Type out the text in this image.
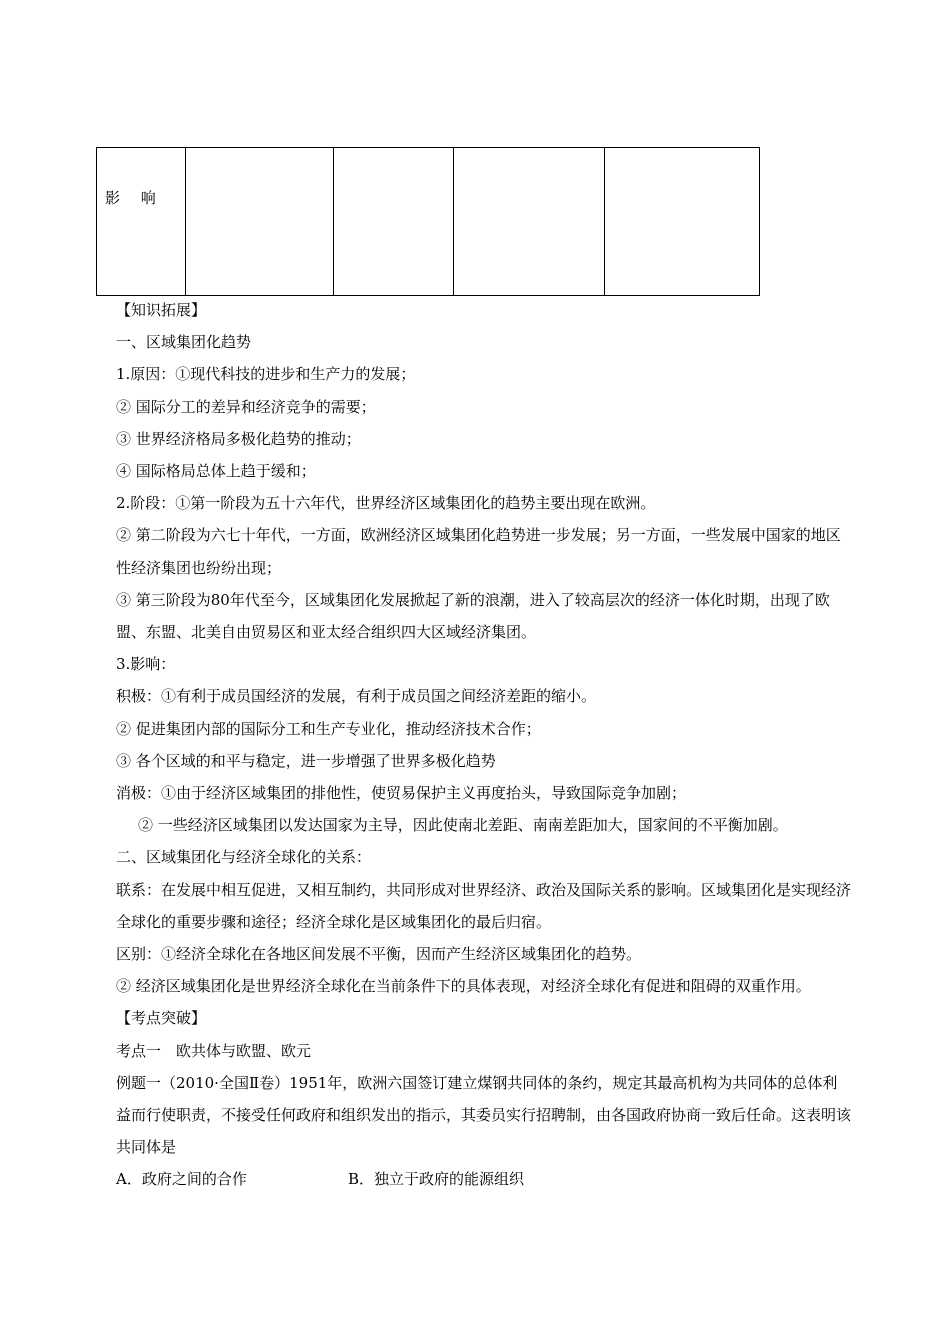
影 响

【知识拓展】

一、区域集团化趋势

1.原因：①现代科技的进步和生产力的发展；

② 国际分工的差异和经济竞争的需要；

③ 世界经济格局多极化趋势的推动；

④ 国际格局总体上趋于缓和；

2.阶段：①第一阶段为五十六年代，世界经济区域集团化的趋势主要出现在欧洲。

② 第二阶段为六七十年代，一方面，欧洲经济区域集团化趋势进一步发展；另一方面，一些发展中国家的地区性经济集团也纷纷出现；

③ 第三阶段为80年代至今，区域集团化发展掀起了新的浪潮，进入了较高层次的经济一体化时期，出现了欧盟、东盟、北美自由贸易区和亚太经合组织四大区域经济集团。

3.影响：

积极：①有利于成员国经济的发展，有利于成员国之间经济差距的缩小。

② 促进集团内部的国际分工和生产专业化，推动经济技术合作；

③ 各个区域的和平与稳定，进一步增强了世界多极化趋势

消极：①由于经济区域集团的排他性，使贸易保护主义再度抬头，导致国际竞争加剧；

② 一些经济区域集团以发达国家为主导，因此使南北差距、南南差距加大，国家间的不平衡加剧。

二、区域集团化与经济全球化的关系：

联系：在发展中相互促进，又相互制约，共同形成对世界经济、政治及国际关系的影响。区域集团化是实现经济全球化的重要步骤和途径；经济全球化是区域集团化的最后归宿。

区别：①经济全球化在各地区间发展不平衡，因而产生经济区域集团化的趋势。

② 经济区域集团化是世界经济全球化在当前条件下的具体表现，对经济全球化有促进和阻碍的双重作用。

【考点突破】

考点一　欧共体与欧盟、欧元

例题一（2010·全国Ⅱ卷）1951年，欧洲六国签订建立煤钢共同体的条约，规定其最高机构为共同体的总体利益而行使职责，不接受任何政府和组织发出的指示，其委员实行招聘制，由各国政府协商一致后任命。这表明该共同体是

A．政府之间的合作	B．独立于政府的能源组织
